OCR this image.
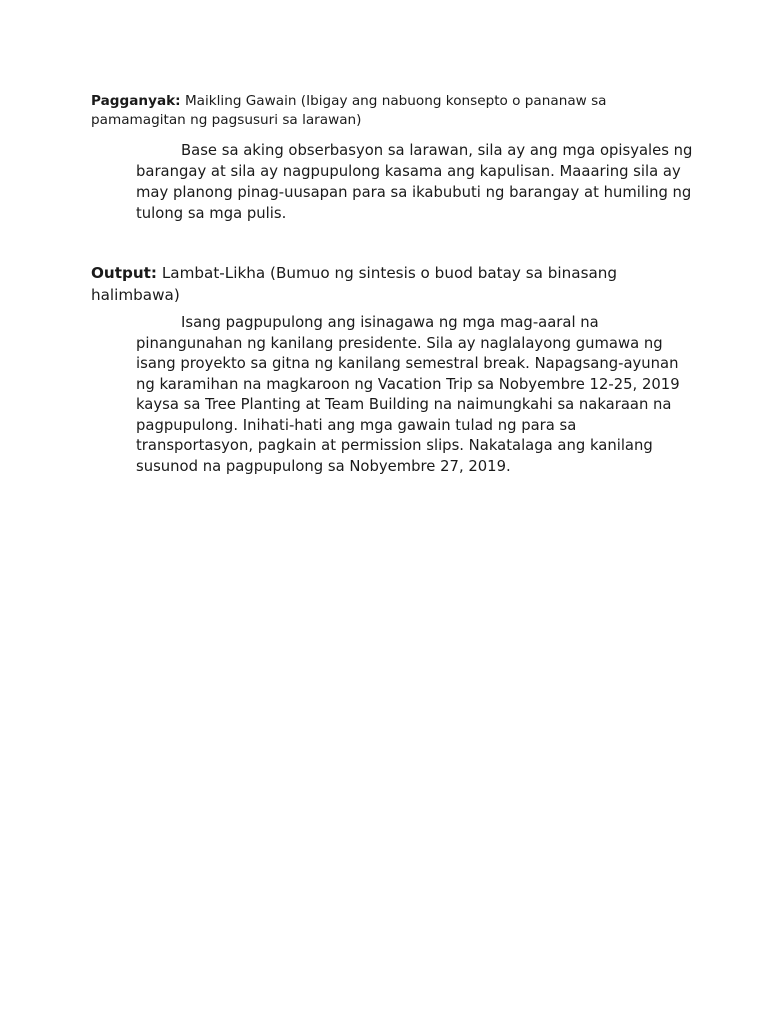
Pagganyak: Maikling Gawain (Ibigay ang nabuong konsepto o pananaw sa pamamagitan ng pagsusuri sa larawan)

Base sa aking obserbasyon sa larawan, sila ay ang mga opisyales ng barangay at sila ay nagpupulong kasama ang kapulisan. Maaaring sila ay may planong pinag-uusapan para sa ikabubuti ng barangay at humiling ng tulong sa mga pulis.

Output: Lambat-Likha (Bumuo ng sintesis o buod batay sa binasang halimbawa)

Isang pagpupulong ang isinagawa ng mga mag-aaral na pinangunahan ng kanilang presidente. Sila ay naglalayong gumawa ng isang proyekto sa gitna ng kanilang semestral break. Napagsang-ayunan ng karamihan na magkaroon ng Vacation Trip sa Nobyembre 12-25, 2019 kaysa sa Tree Planting at Team Building na naimungkahi sa nakaraan na pagpupulong. Inihati-hati ang mga gawain tulad ng para sa transportasyon, pagkain at permission slips. Nakatalaga ang kanilang susunod na pagpupulong sa Nobyembre 27, 2019.
